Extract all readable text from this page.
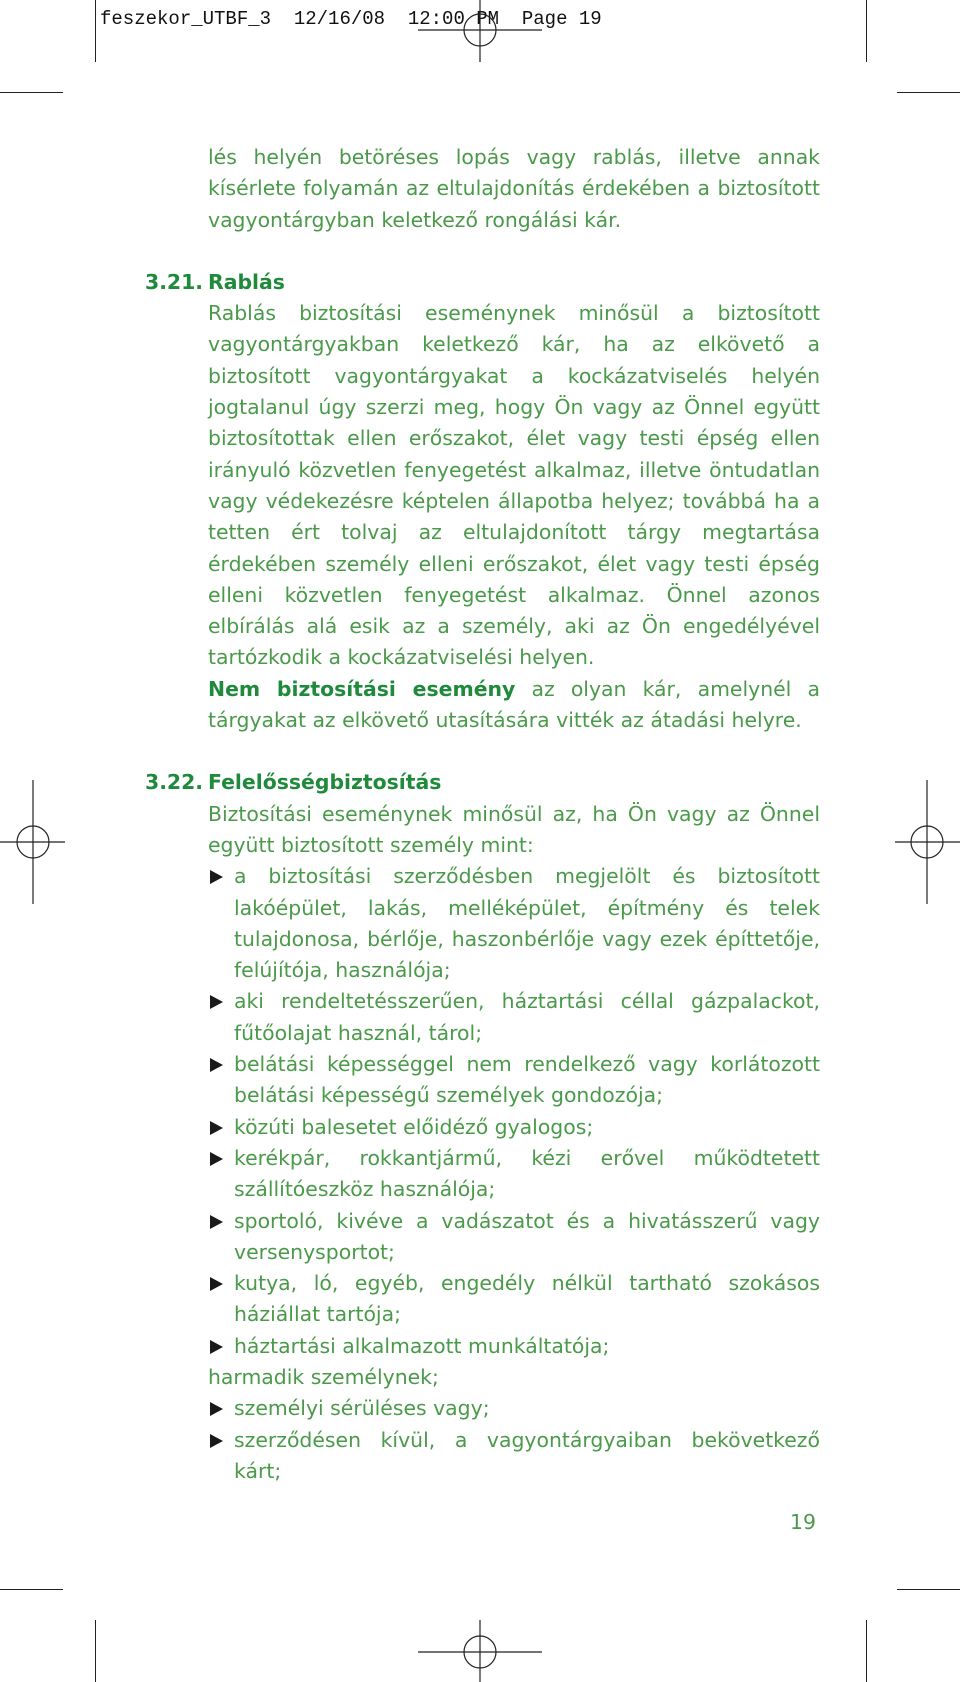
feszekor_UTBF_3  12/16/08  12:00 PM  Page 19

lés helyén betöréses lopás vagy rablás, illetve annak kísérlete folyamán az eltulajdonítás érdekében a biztosított vagyontárgyban keletkező rongálási kár.

3.21. Rablás

Rablás biztosítási eseménynek minősül a biztosított vagyontárgyakban keletkező kár, ha az elkövető a biztosított vagyontárgyakat a kockázatviselés helyén jogtalanul úgy szerzi meg, hogy Ön vagy az Önnel együtt biztosítottak ellen erőszakot, élet vagy testi épség ellen irányuló közvetlen fenyegetést alkalmaz, illetve öntudatlan vagy védekezésre képtelen állapotba helyez; továbbá ha a tetten ért tolvaj az eltulajdonított tárgy megtartása érdekében személy elleni erőszakot, élet vagy testi épség elleni közvetlen fenyegetést alkalmaz. Önnel azonos elbírálás alá esik az a személy, aki az Ön engedélyével tartózkodik a kockázatviselési helyen.

Nem biztosítási esemény az olyan kár, amelynél a tárgyakat az elkövető utasítására vitték az átadási helyre.

3.22. Felelősségbiztosítás

Biztosítási eseménynek minősül az, ha Ön vagy az Önnel együtt biztosított személy mint:

a biztosítási szerződésben megjelölt és biztosított lakóépület, lakás, melléképület, építmény és telek tulajdonosa, bérlője, haszonbérlője vagy ezek építtetője, felújítója, használója;
aki rendeltetésszerűen, háztartási céllal gázpalackot, fűtőolajat használ, tárol;
belátási képességgel nem rendelkező vagy korlátozott belátási képességű személyek gondozója;
közúti balesetet előidéző gyalogos;
kerékpár, rokkantjármű, kézi erővel működtetett szállítóeszköz használója;
sportoló, kivéve a vadászatot és a hivatásszerű vagy versenysportot;
kutya, ló, egyéb, engedély nélkül tartható szokásos háziállat tartója;
háztartási alkalmazott munkáltatója;

harmadik személynek;

személyi sérüléses vagy;
szerződésen kívül, a vagyontárgyaiban bekövetkező kárt;
19
